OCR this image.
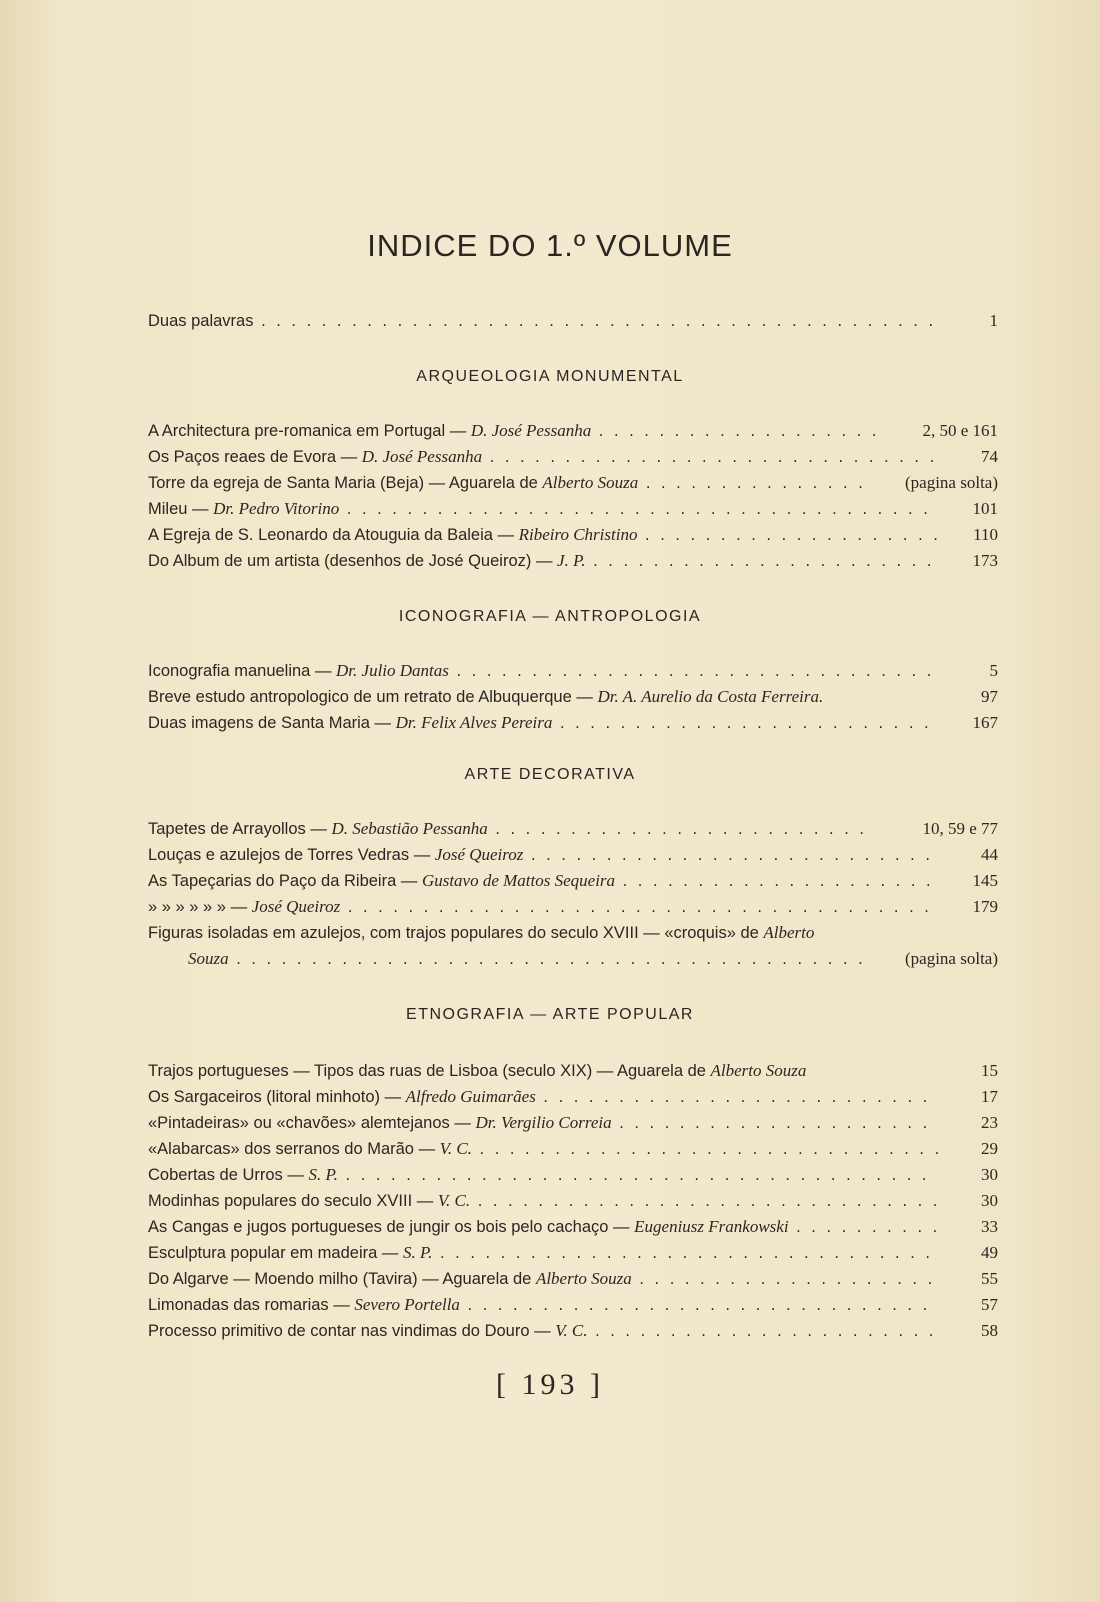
INDICE DO 1.º VOLUME
Duas palavras . . .	1
ARQUEOLOGIA MONUMENTAL
A Architectura pre-romanica em Portugal — D. José Pessanha . . .	2, 50 e 161
Os Paços reaes de Evora — D. José Pessanha . . .	74
Torre da egreja de Santa Maria (Beja) — Aguarela de Alberto Souza . . .	(pagina solta)
Mileu — Dr. Pedro Vitorino . . .	101
A Egreja de S. Leonardo da Atouguia da Baleia — Ribeiro Christino . . .	110
Do Album de um artista (desenhos de José Queiroz) — J. P. . . .	173
ICONOGRAFIA — ANTROPOLOGIA
Iconografia manuelina — Dr. Julio Dantas . . .	5
Breve estudo antropologico de um retrato de Albuquerque — Dr. A. Aurelio da Costa Ferreira.	97
Duas imagens de Santa Maria — Dr. Felix Alves Pereira . . .	167
ARTE DECORATIVA
Tapetes de Arrayollos — D. Sebastião Pessanha . . .	10, 59 e 77
Louças e azulejos de Torres Vedras — José Queiroz . . .	44
As Tapeçarias do Paço da Ribeira — Gustavo de Mattos Sequeira . . .	145
» » » » » » — José Queiroz . . .	179
Figuras isoladas em azulejos, com trajos populares do seculo XVIII — «croquis» de Alberto
Souza . . .	(pagina solta)
ETNOGRAFIA — ARTE POPULAR
Trajos portugueses — Tipos das ruas de Lisboa (seculo XIX) — Aguarela de Alberto Souza	15
Os Sargaceiros (litoral minhoto) — Alfredo Guimarães . . .	17
«Pintadeiras» ou «chavões» alemtejanos — Dr. Vergilio Correia . . .	23
«Alabarcas» dos serranos do Marão — V. C. . . .	29
Cobertas de Urros — S. P. . . .	30
Modinhas populares do seculo XVIII — V. C. . . .	30
As Cangas e jugos portugueses de jungir os bois pelo cachaço — Eugeniusz Frankowski . . .	33
Esculptura popular em madeira — S. P. . . .	49
Do Algarve — Moendo milho (Tavira) — Aguarela de Alberto Souza . . .	55
Limonadas das romarias — Severo Portella . . .	57
Processo primitivo de contar nas vindimas do Douro — V. C. . . .	58
[ 193 ]
